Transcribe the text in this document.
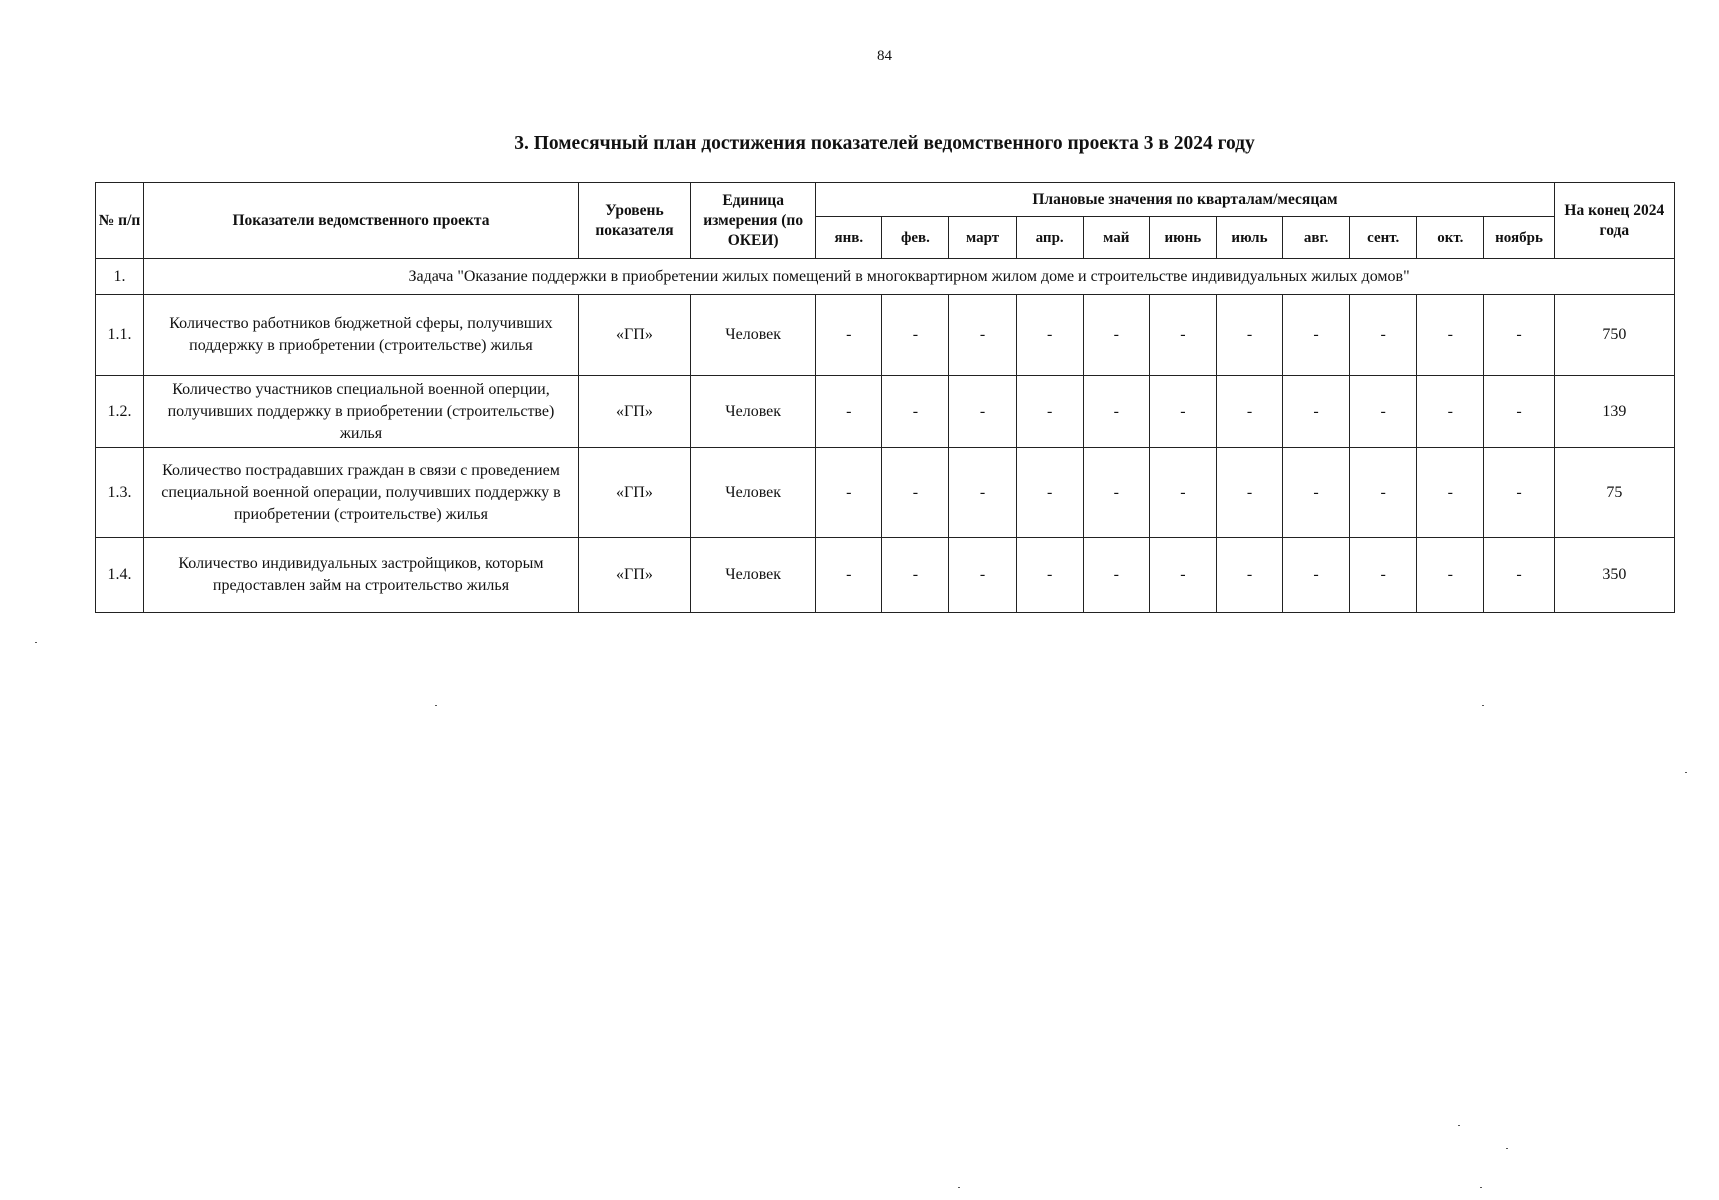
84
3. Помесячный план достижения показателей ведомственного проекта 3 в 2024 году
№ п/п	Показатели ведомственного проекта	Уровень показателя	Единица измерения (по ОКЕИ)	Плановые значения по кварталам/месяцам											На конец 2024 года
				янв.	фев.	март	апр.	май	июнь	июль	авг.	сент.	окт.	ноябрь	
1.	Задача "Оказание поддержки в приобретении жилых помещений в многоквартирном жилом доме и строительстве индивидуальных жилых домов"														
1.1.	Количество работников бюджетной сферы, получивших поддержку в приобретении (строительстве) жилья	«ГП»	Человек	-	-	-	-	-	-	-	-	-	-	-	750
1.2.	Количество участников специальной военной оперции, получивших поддержку в приобретении (строительстве) жилья	«ГП»	Человек	-	-	-	-	-	-	-	-	-	-	-	139
1.3.	Количество пострадавших граждан в связи с проведением специальной военной операции, получивших поддержку в приобретении (строительстве) жилья	«ГП»	Человек	-	-	-	-	-	-	-	-	-	-	-	75
1.4.	Количество индивидуальных застройщиков, которым предоставлен займ на строительство жилья	«ГП»	Человек	-	-	-	-	-	-	-	-	-	-	-	350
